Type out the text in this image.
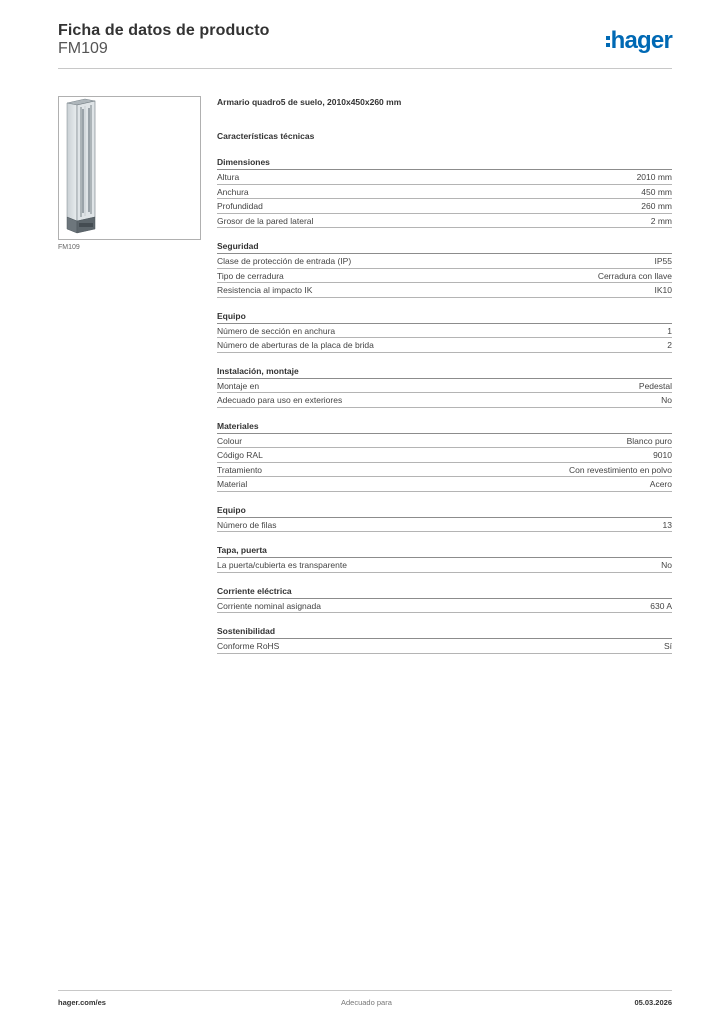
Ficha de datos de producto
FM109	hager
FM109
Armario quadro5 de suelo, 2010x450x260 mm
Características técnicas
Dimensiones
Altura	2010 mm
Anchura	450 mm
Profundidad	260 mm
Grosor de la pared lateral	2 mm
Seguridad
Clase de protección de entrada (IP)	IP55
Tipo de cerradura	Cerradura con llave
Resistencia al impacto IK	IK10
Equipo
Número de sección en anchura	1
Número de aberturas de la placa de brida	2
Instalación, montaje
Montaje en	Pedestal
Adecuado para uso en exteriores	No
Materiales
Colour	Blanco puro
Código RAL	9010
Tratamiento	Con revestimiento en polvo
Material	Acero
Equipo
Número de filas	13
Tapa, puerta
La puerta/cubierta es transparente	No
Corriente eléctrica
Corriente nominal asignada	630 A
Sostenibilidad
Conforme RoHS	Sí
hager.com/es	Adecuado para	05.03.2026
